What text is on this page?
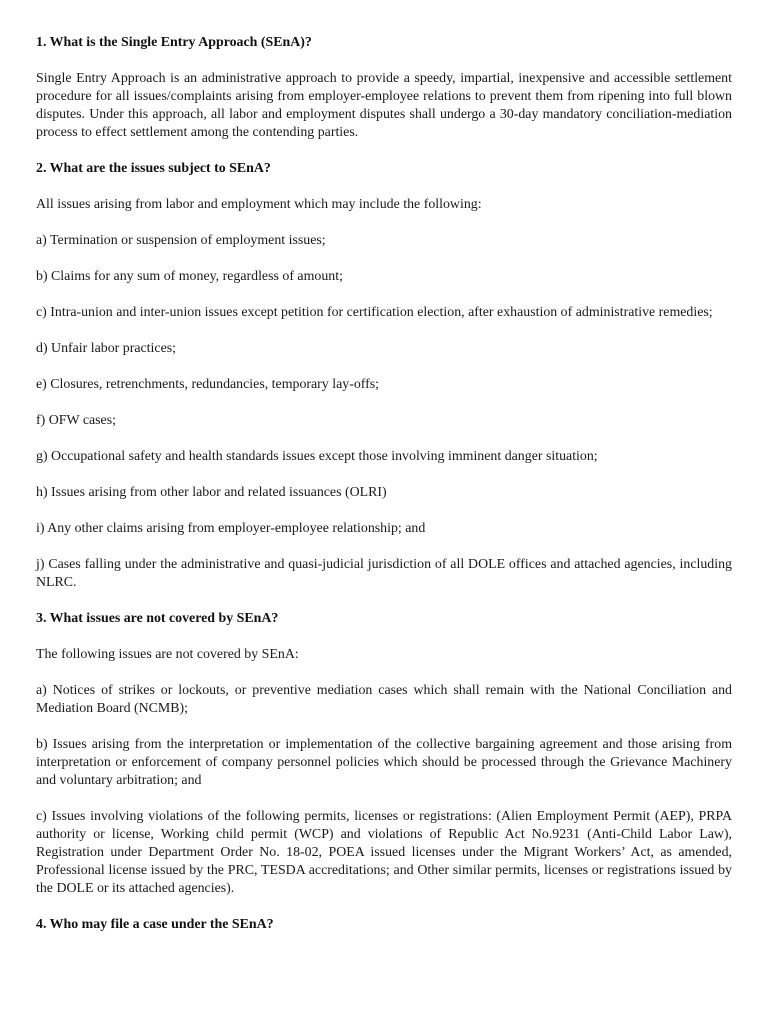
1. What is the Single Entry Approach (SEnA)?

Single Entry Approach is an administrative approach to provide a speedy, impartial, inexpensive and accessible settlement procedure for all issues/complaints arising from employer-employee relations to prevent them from ripening into full blown disputes. Under this approach, all labor and employment disputes shall undergo a 30-day mandatory conciliation-mediation process to effect settlement among the contending parties.

2. What are the issues subject to SEnA?

All issues arising from labor and employment which may include the following:

a) Termination or suspension of employment issues;

b) Claims for any sum of money, regardless of amount;

c) Intra-union and inter-union issues except petition for certification election, after exhaustion of administrative remedies;

d) Unfair labor practices;

e) Closures, retrenchments, redundancies, temporary lay-offs;

f) OFW cases;

g) Occupational safety and health standards issues except those involving imminent danger situation;

h) Issues arising from other labor and related issuances (OLRI)

i) Any other claims arising from employer-employee relationship; and

j) Cases falling under the administrative and quasi-judicial jurisdiction of all DOLE offices and attached agencies, including NLRC.

3. What issues are not covered by SEnA?

The following issues are not covered by SEnA:

a) Notices of strikes or lockouts, or preventive mediation cases which shall remain with the National Conciliation and Mediation Board (NCMB);

b) Issues arising from the interpretation or implementation of the collective bargaining agreement and those arising from interpretation or enforcement of company personnel policies which should be processed through the Grievance Machinery and voluntary arbitration; and

c) Issues involving violations of the following permits, licenses or registrations: (Alien Employment Permit (AEP), PRPA authority or license, Working child permit (WCP) and violations of Republic Act No.9231 (Anti-Child Labor Law), Registration under Department Order No. 18-02, POEA issued licenses under the Migrant Workers’ Act, as amended, Professional license issued by the PRC, TESDA accreditations; and Other similar permits, licenses or registrations issued by the DOLE or its attached agencies).

4. Who may file a case under the SEnA?
